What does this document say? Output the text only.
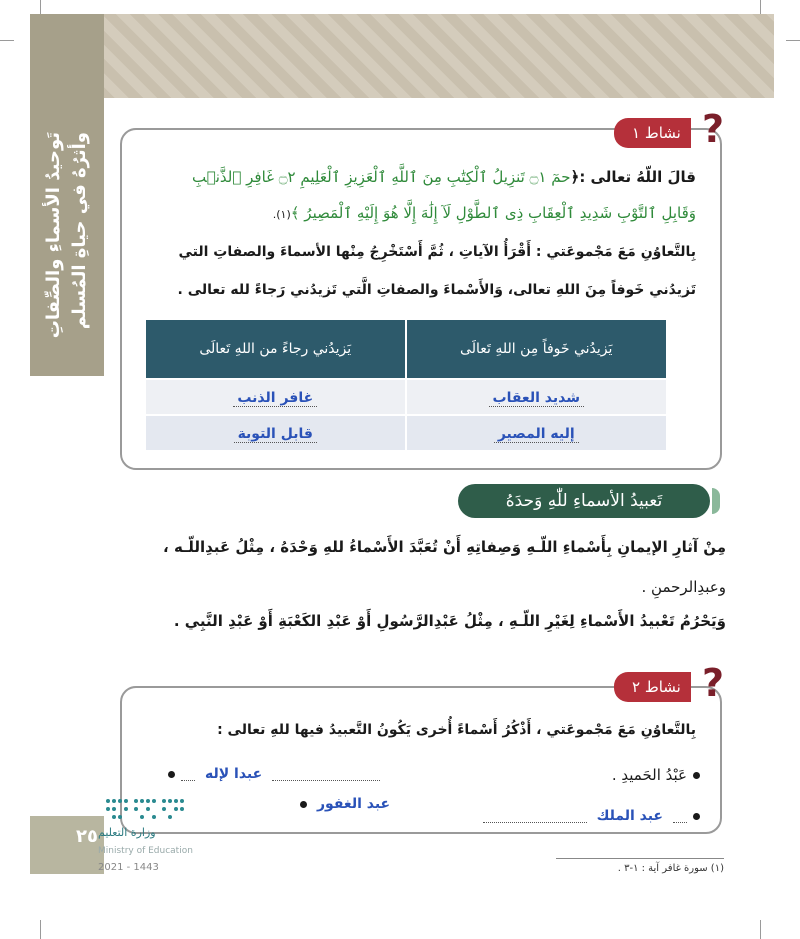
تَوحيدُ الأسماءِ والصِّفاتِ وأثرُهُ في حياةِ المُسلم	نشاط ١ ?
قالَ اللّهُ تعالى :﴿حمٓ ۝١ تَنزِيلُ ٱلْكِتَٰبِ مِنَ ٱللَّهِ ٱلْعَزِيزِ ٱلْعَلِيمِ ۝٢ غَافِرِ ٱلذَّنۢبِ
وَقَابِلِ ٱلتَّوْبِ شَدِيدِ ٱلْعِقَابِ ذِى ٱلطَّوْلِ لَآ إِلَٰهَ إِلَّا هُوَ إِلَيْهِ ٱلْمَصِيرُ ﴾(١).
بِالتَّعاوُنِ مَعَ مَجْموعَتي : أَقْرَأُ الآياتِ ، ثُمَّ أَسْتَخْرِجُ مِنْها الأسماءَ والصفاتِ التي
تَزيدُني خَوفاً مِنَ اللهِ تعالى، وَالأَسْماءَ والصفاتِ الَّتي تَزيدُني رَجاءً لله تعالى .
يَزيدُني خَوفاً مِن اللهِ تَعالَى	يَزيدُني رجاءً من اللهِ تَعالَى
شديد العقاب	غافر الذنب
إليه المصير	قابل التوبة
تَعبيدُ الأسماءِ للّٰهِ وَحدَهُ
مِنْ آثارِ الإيمانِ بِأَسْماءِ اللّـهِ وَصِفاتِهِ أَنْ تُعَبَّدَ الأَسْماءُ للهِ وَحْدَهُ ، مِثْلُ عَبدِاللّـه ،
وعبدِالرحمنِ .
وَيَحْرُمُ تَعْبيدُ الأَسْماءِ لِغَيْرِ اللّـهِ ، مِثْلُ عَبْدِالرَّسُولِ أَوْ عَبْدِ الكَعْبَةِ أَوْ عَبْدِ النَّبِي .
نشاط ٢ ?
بِالتَّعاوُنِ مَعَ مَجْموعَتي ، أَذْكُرُ أَسْماءً أُخرى يَكُونُ التَّعبيدُ فيها للهِ تعالى :
عَبْدُ الحَميدِ .
عبدا لإله
عبد الملك
عبد الغفور
٢٥ وزارة التعليم
Ministry of Education
2021 - 1443	(١) سورة غافر آية : ١-٣ .
